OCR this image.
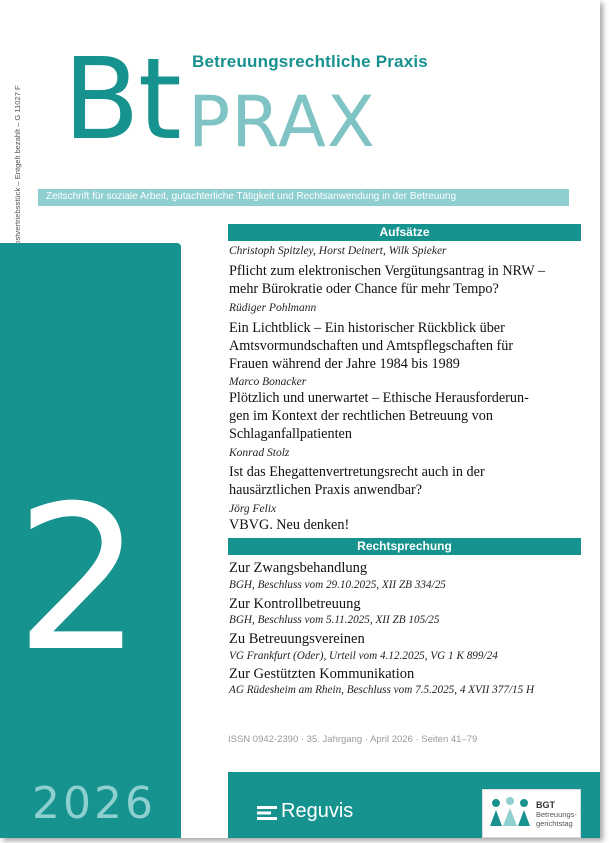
Bt PRAX
Betreuungsrechtliche Praxis
Zeitschrift für soziale Arbeit, gutachterliche Tätigkeit und Rechtsanwendung in der Betreuung
2
2026
Aufsätze
Christoph Spitzley, Horst Deinert, Wilk Spieker
Pflicht zum elektronischen Vergütungsantrag in NRW –
mehr Bürokratie oder Chance für mehr Tempo?
Rüdiger Pohlmann
Ein Lichtblick – Ein historischer Rückblick über
Amtsvormundschaften und Amtspflegschaften für
Frauen während der Jahre 1984 bis 1989
Marco Bonacker
Plötzlich und unerwartet – Ethische Herausforderun-
gen im Kontext der rechtlichen Betreuung von
Schlaganfallpatienten
Konrad Stolz
Ist das Ehegattenvertretungsrecht auch in der
hausärztlichen Praxis anwendbar?
Jörg Felix
VBVG. Neu denken!
Rechtsprechung
Zur Zwangsbehandlung
BGH, Beschluss vom 29.10.2025, XII ZB 334/25
Zur Kontrollbetreuung
BGH, Beschluss vom 5.11.2025, XII ZB 105/25
Zu Betreuungsvereinen
VG Frankfurt (Oder), Urteil vom 4.12.2025, VG 1 K 899/24
Zur Gestützten Kommunikation
AG Rüdesheim am Rhein, Beschluss vom 7.5.2025, 4 XVII 377/15 H
ISSN 0942-2390 · 35. Jahrgang · April 2026 · Seiten 41–79
Reguvis	BGT
Betreuungs-gerichtstag
